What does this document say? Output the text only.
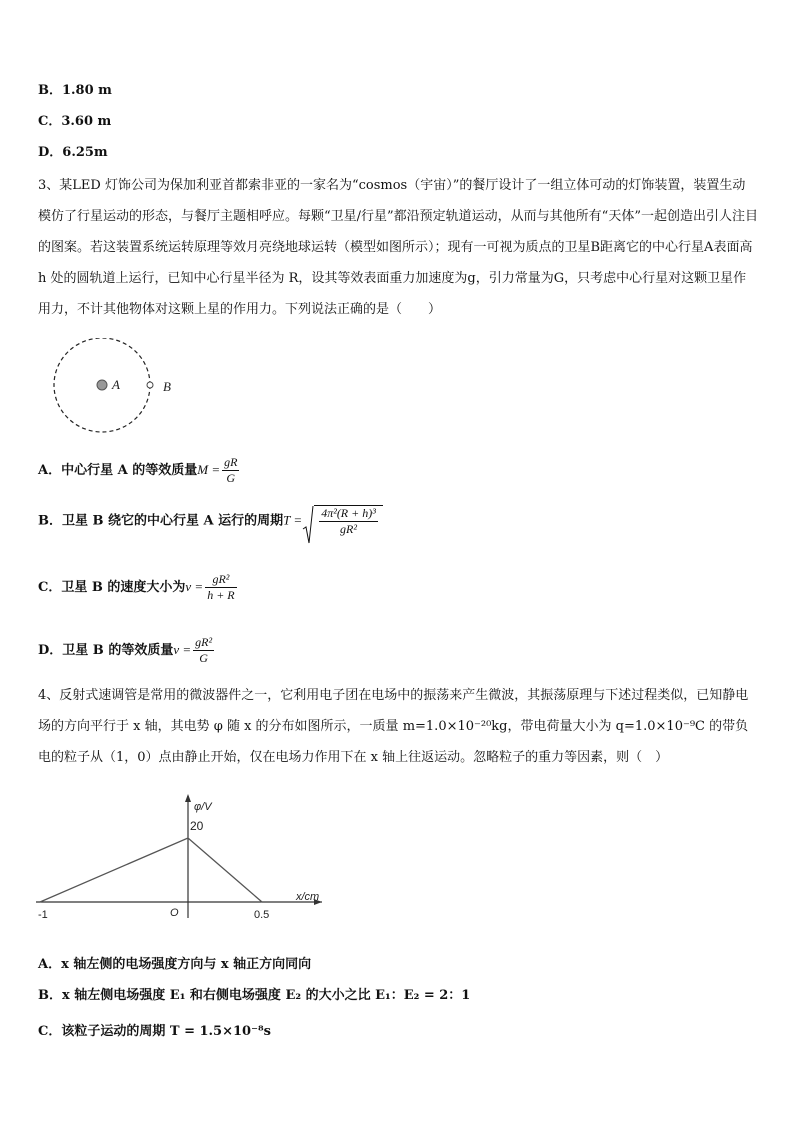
B．1.80 m
C．3.60 m
D．6.25m
3、某LED 灯饰公司为保加利亚首都索非亚的一家名为“cosmos（宇宙）”的餐厅设计了一组立体可动的灯饰装置，装置生动模仿了行星运动的形态，与餐厅主题相呼应。每颗“卫星/行星”都沿预定轨道运动，从而与其他所有“天体”一起创造出引人注目的图案。若这装置系统运转原理等效月亮绕地球运转（模型如图所示）；现有一可视为质点的卫星B距离它的中心行星A表面高 h 处的圆轨道上运行，已知中心行星半径为 R，设其等效表面重力加速度为g，引力常量为G，只考虑中心行星对这颗卫星作用力，不计其他物体对这颗上星的作用力。下列说法正确的是（　　）
A	B
A．中心行星 A 的等效质量$M = \frac{gR}{G}$
B．卫星 B 绕它的中心行星 A 运行的周期$T = \frac{\text{4π²(R + h)³}}{\text{gR²}}$
C．卫星 B 的速度大小为$v = \frac{\text{gR²}}{h + R}$
D．卫星 B 的等效质量$v = \frac{\text{gR²}}{G}$
4、反射式速调管是常用的微波器件之一，它利用电子团在电场中的振荡来产生微波，其振荡原理与下述过程类似，已知静电场的方向平行于 x 轴，其电势 φ 随 x 的分布如图所示，一质量 m=1.0×10⁻²⁰kg，带电荷量大小为 q=1.0×10⁻⁹C 的带负电的粒子从（1，0）点由静止开始，仅在电场力作用下在 x 轴上往返运动。忽略粒子的重力等因素，则（　）
-1	O	0.5
20
φ/V
x/cm
A．x 轴左侧的电场强度方向与 x 轴正方向同向
B．x 轴左侧电场强度 E₁ 和右侧电场强度 E₂ 的大小之比 E₁：E₂ = 2：1
C．该粒子运动的周期 T = 1.5×10⁻⁸s
